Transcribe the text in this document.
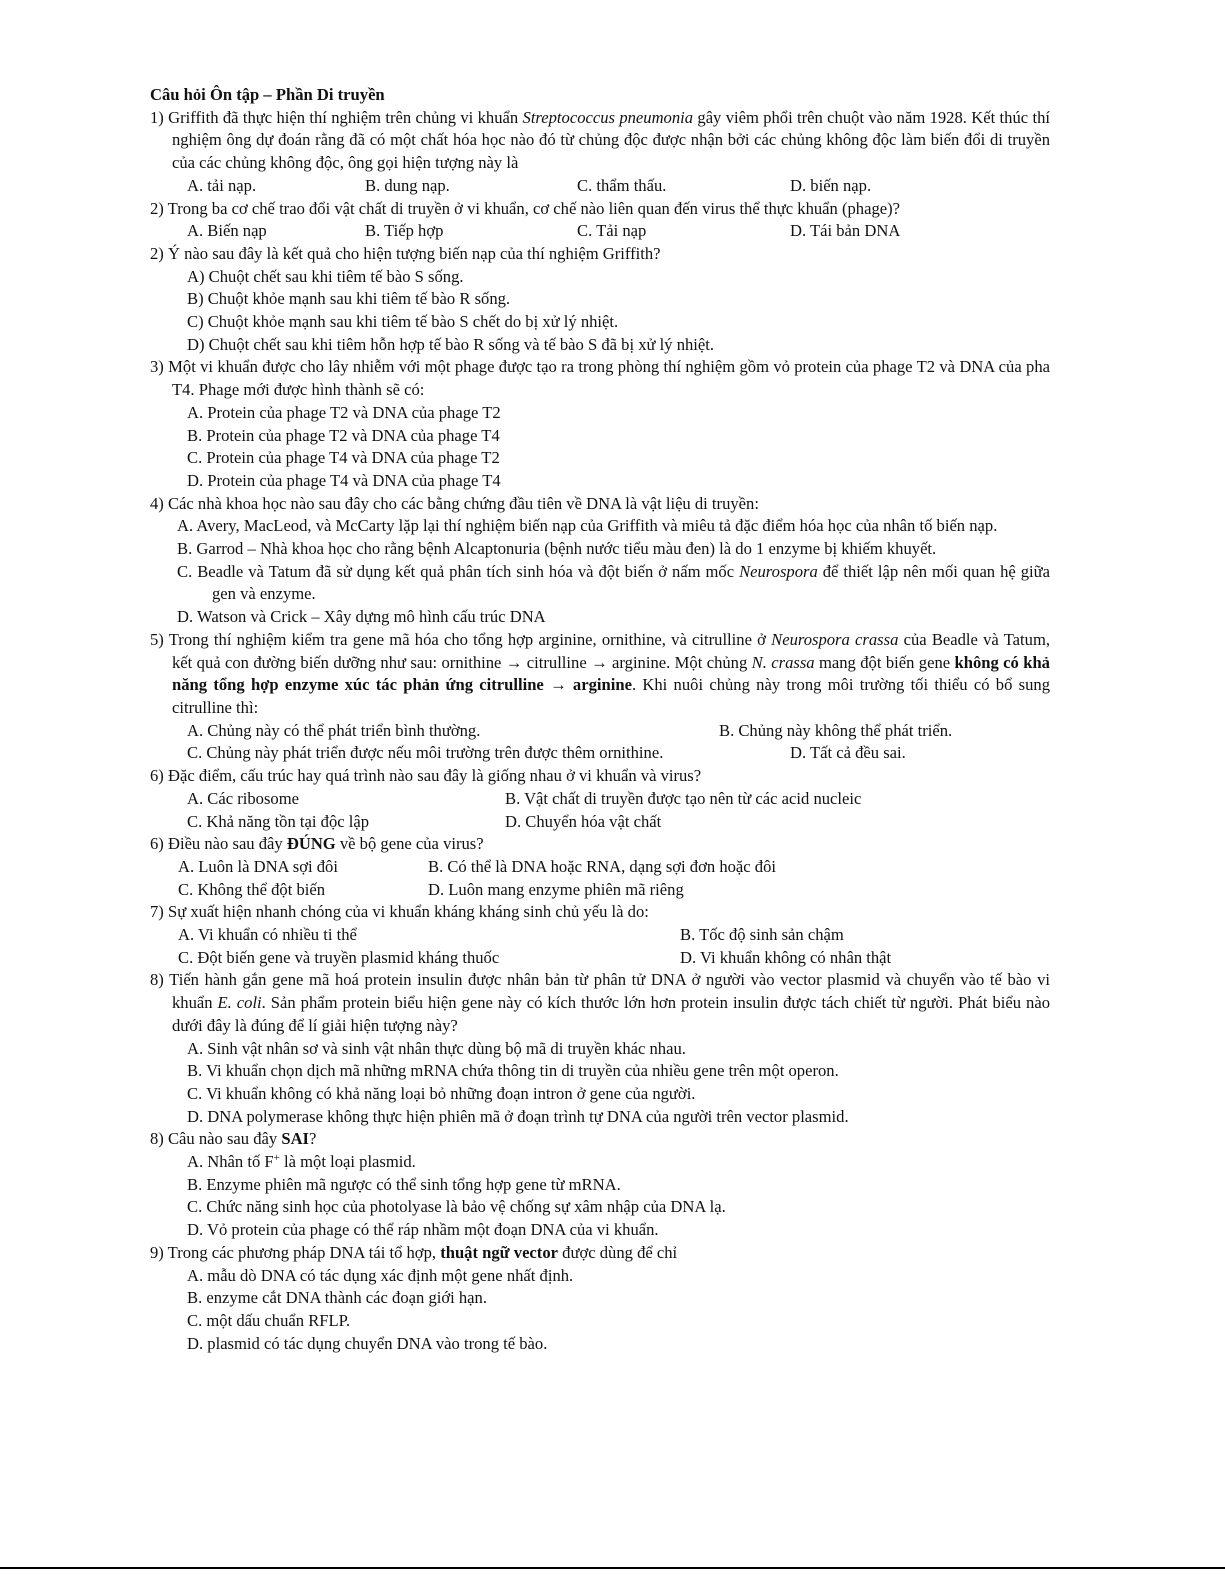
Câu hỏi Ôn tập – Phần Di truyền
1) Griffith đã thực hiện thí nghiệm trên chủng vi khuẩn Streptococcus pneumonia gây viêm phổi trên chuột vào năm 1928. Kết thúc thí nghiệm ông dự đoán rằng đã có một chất hóa học nào đó từ chủng độc được nhận bởi các chủng không độc làm biến đổi di truyền của các chủng không độc, ông gọi hiện tượng này là
A. tải nạp.	B. dung nạp.	C. thẩm thấu.	D. biến nạp.
2) Trong ba cơ chế trao đổi vật chất di truyền ở vi khuẩn, cơ chế nào liên quan đến virus thể thực khuẩn (phage)?
A. Biến nạp	B. Tiếp hợp	C. Tải nạp	D. Tái bản DNA
2) Ý nào sau đây là kết quả cho hiện tượng biến nạp của thí nghiệm Griffith?
A) Chuột chết sau khi tiêm tế bào S sống.
B) Chuột khỏe mạnh sau khi tiêm tế bào R sống.
C) Chuột khỏe mạnh sau khi tiêm tế bào S chết do bị xử lý nhiệt.
D) Chuột chết sau khi tiêm hỗn hợp tế bào R sống và tế bào S đã bị xử lý nhiệt.
3) Một vi khuẩn được cho lây nhiễm với một phage được tạo ra trong phòng thí nghiệm gồm vỏ protein của phage T2 và DNA của pha T4. Phage mới được hình thành sẽ có:
A. Protein của phage T2 và DNA của phage T2
B. Protein của phage T2 và DNA của phage T4
C. Protein của phage T4 và DNA của phage T2
D. Protein của phage T4 và DNA của phage T4
4) Các nhà khoa học nào sau đây cho các bằng chứng đầu tiên về DNA là vật liệu di truyền:
A. Avery, MacLeod, và McCarty lặp lại thí nghiệm biến nạp của Griffith và miêu tả đặc điểm hóa học của nhân tố biến nạp.
B. Garrod – Nhà khoa học cho rằng bệnh Alcaptonuria (bệnh nước tiểu màu đen) là do 1 enzyme bị khiếm khuyết.
C. Beadle và Tatum đã sử dụng kết quả phân tích sinh hóa và đột biến ở nấm mốc Neurospora để thiết lập nên mối quan hệ giữa gen và enzyme.
D. Watson và Crick – Xây dựng mô hình cấu trúc DNA
5) Trong thí nghiệm kiểm tra gene mã hóa cho tổng hợp arginine, ornithine, và citrulline ở Neurospora crassa của Beadle và Tatum, kết quả con đường biến dưỡng như sau: ornithine → citrulline → arginine. Một chủng N. crassa mang đột biến gene không có khả năng tổng hợp enzyme xúc tác phản ứng citrulline → arginine. Khi nuôi chủng này trong môi trường tối thiểu có bổ sung citrulline thì:
A. Chủng này có thể phát triển bình thường.	B. Chủng này không thể phát triển.
C. Chủng này phát triển được nếu môi trường trên được thêm ornithine.	D. Tất cả đều sai.
6) Đặc điểm, cấu trúc hay quá trình nào sau đây là giống nhau ở vi khuẩn và virus?
A. Các ribosome	B. Vật chất di truyền được tạo nên từ các acid nucleic
C. Khả năng tồn tại độc lập	D. Chuyển hóa vật chất
6) Điều nào sau đây ĐÚNG về bộ gene của virus?
A. Luôn là DNA sợi đôi	B. Có thể là DNA hoặc RNA, dạng sợi đơn hoặc đôi
C. Không thể đột biến	D. Luôn mang enzyme phiên mã riêng
7) Sự xuất hiện nhanh chóng của vi khuẩn kháng kháng sinh chủ yếu là do:
A. Vi khuẩn có nhiều ti thể	B. Tốc độ sinh sản chậm
C. Đột biến gene và truyền plasmid kháng thuốc	D. Vi khuẩn không có nhân thật
8) Tiến hành gắn gene mã hoá protein insulin được nhân bản từ phân tử DNA ở người vào vector plasmid và chuyển vào tế bào vi khuẩn E. coli. Sản phẩm protein biểu hiện gene này có kích thước lớn hơn protein insulin được tách chiết từ người. Phát biểu nào dưới đây là đúng để lí giải hiện tượng này?
A. Sinh vật nhân sơ và sinh vật nhân thực dùng bộ mã di truyền khác nhau.
B. Vi khuẩn chọn dịch mã những mRNA chứa thông tin di truyền của nhiều gene trên một operon.
C. Vi khuẩn không có khả năng loại bỏ những đoạn intron ở gene của người.
D. DNA polymerase không thực hiện phiên mã ở đoạn trình tự DNA của người trên vector plasmid.
8) Câu nào sau đây SAI?
A. Nhân tố F+ là một loại plasmid.
B. Enzyme phiên mã ngược có thể sinh tổng hợp gene từ mRNA.
C. Chức năng sinh học của photolyase là bảo vệ chống sự xâm nhập của DNA lạ.
D. Vỏ protein của phage có thể ráp nhầm một đoạn DNA của vi khuẩn.
9) Trong các phương pháp DNA tái tổ hợp, thuật ngữ vector được dùng để chỉ
A. mẫu dò DNA có tác dụng xác định một gene nhất định.
B. enzyme cắt DNA thành các đoạn giới hạn.
C. một dấu chuẩn RFLP.
D. plasmid có tác dụng chuyển DNA vào trong tế bào.
